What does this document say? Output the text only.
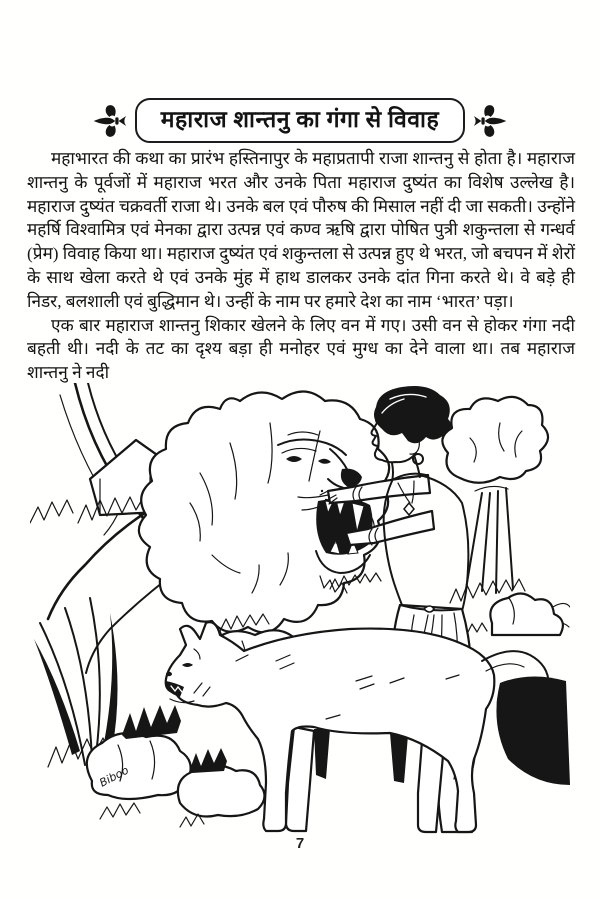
महाराज शान्तनु का गंगा से विवाह

महाभारत की कथा का प्रारंभ हस्तिनापुर के महाप्रतापी राजा शान्तनु से होता है। महाराज शान्तनु के पूर्वजों में महाराज भरत और उनके पिता महाराज दुष्यंत का विशेष उल्लेख है। महाराज दुष्यंत चक्रवर्ती राजा थे। उनके बल एवं पौरुष की मिसाल नहीं दी जा सकती। उन्होंने महर्षि विश्वामित्र एवं मेनका द्वारा उत्पन्न एवं कण्व ऋषि द्वारा पोषित पुत्री शकुन्तला से गन्धर्व (प्रेम) विवाह किया था। महाराज दुष्यंत एवं शकुन्तला से उत्पन्न हुए थे भरत, जो बचपन में शेरों के साथ खेला करते थे एवं उनके मुंह में हाथ डालकर उनके दांत गिना करते थे। वे बड़े ही निडर, बलशाली एवं बुद्धिमान थे। उन्हीं के नाम पर हमारे देश का नाम ‘भारत’ पड़ा।

एक बार महाराज शान्तनु शिकार खेलने के लिए वन में गए। उसी वन से होकर गंगा नदी बहती थी। नदी के तट का दृश्य बड़ा ही मनोहर एवं मुग्ध का देने वाला था। तब महाराज शान्तनु ने नदी

Biboo
7
